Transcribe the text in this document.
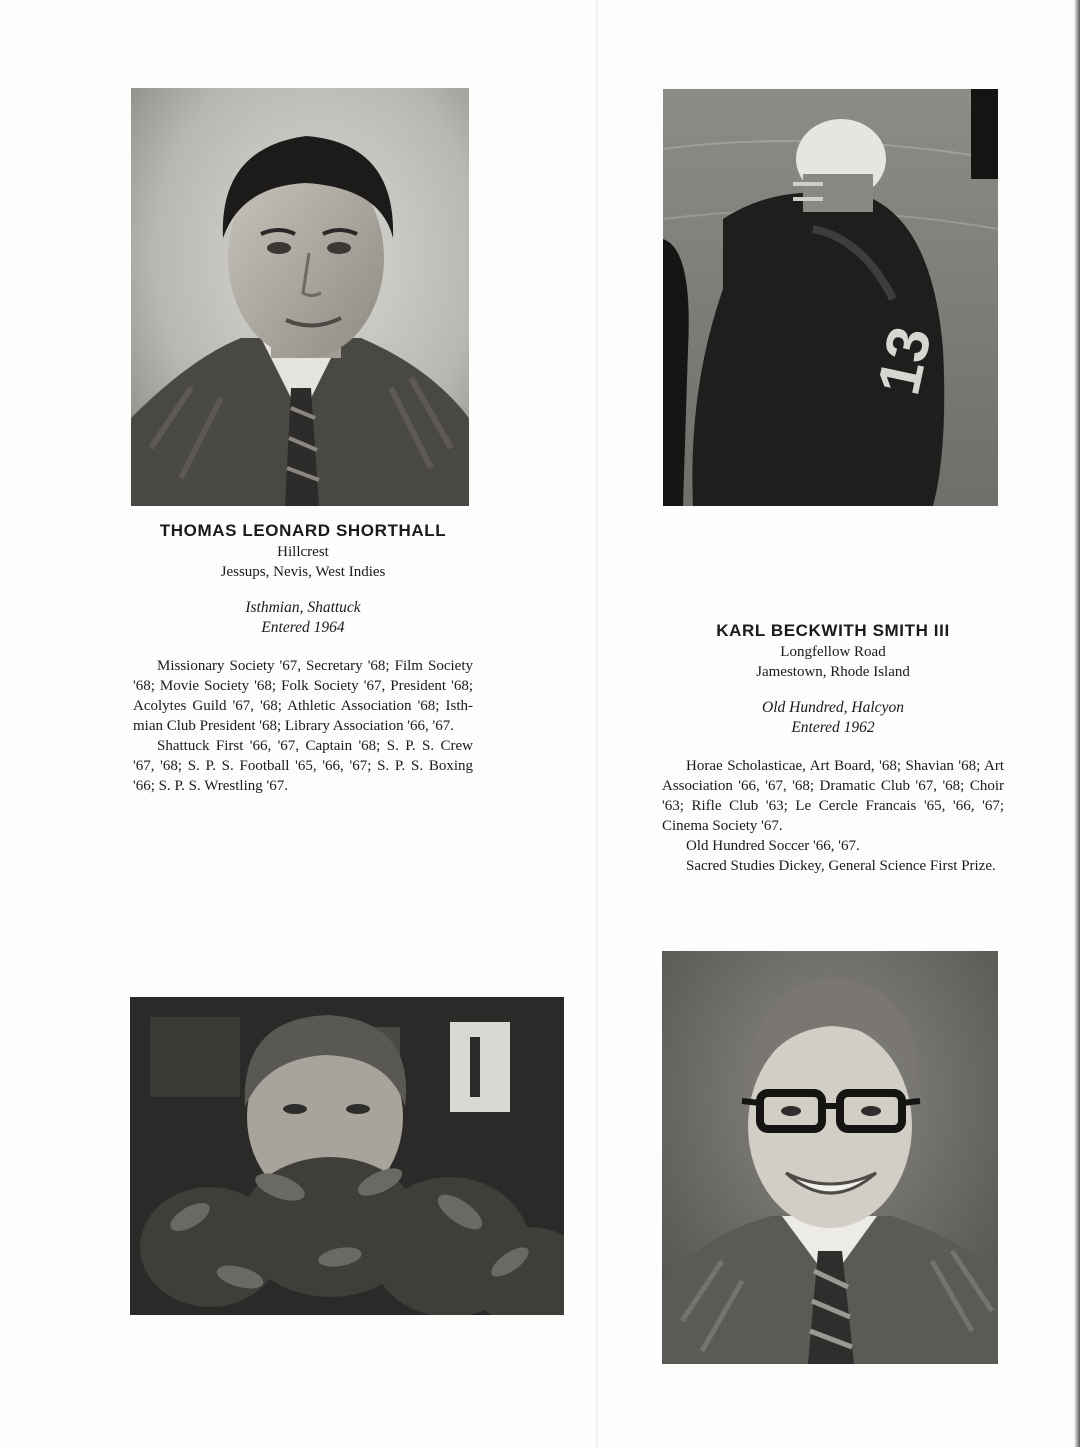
13

THOMAS LEONARD SHORTHALL

Hillcrest

Jessups, Nevis, West Indies

Isthmian, Shattuck

Entered 1964

Missionary Society '67, Secretary '68; Film Society '68; Movie Society '68; Folk Society '67, President '68; Acolytes Guild '67, '68; Athletic Association '68; Isthmian Club President '68; Library Association '66, '67.

Shattuck First '66, '67, Captain '68; S. P. S. Crew '67, '68; S. P. S. Football '65, '66, '67; S. P. S. Boxing '66; S. P. S. Wrestling '67.

KARL BECKWITH SMITH III

Longfellow Road

Jamestown, Rhode Island

Old Hundred, Halcyon

Entered 1962

Horae Scholasticae, Art Board, '68; Shavian '68; Art Association '66, '67, '68; Dramatic Club '67, '68; Choir '63; Rifle Club '63; Le Cercle Francais '65, '66, '67; Cinema Society '67.

Old Hundred Soccer '66, '67.

Sacred Studies Dickey, General Science First Prize.
